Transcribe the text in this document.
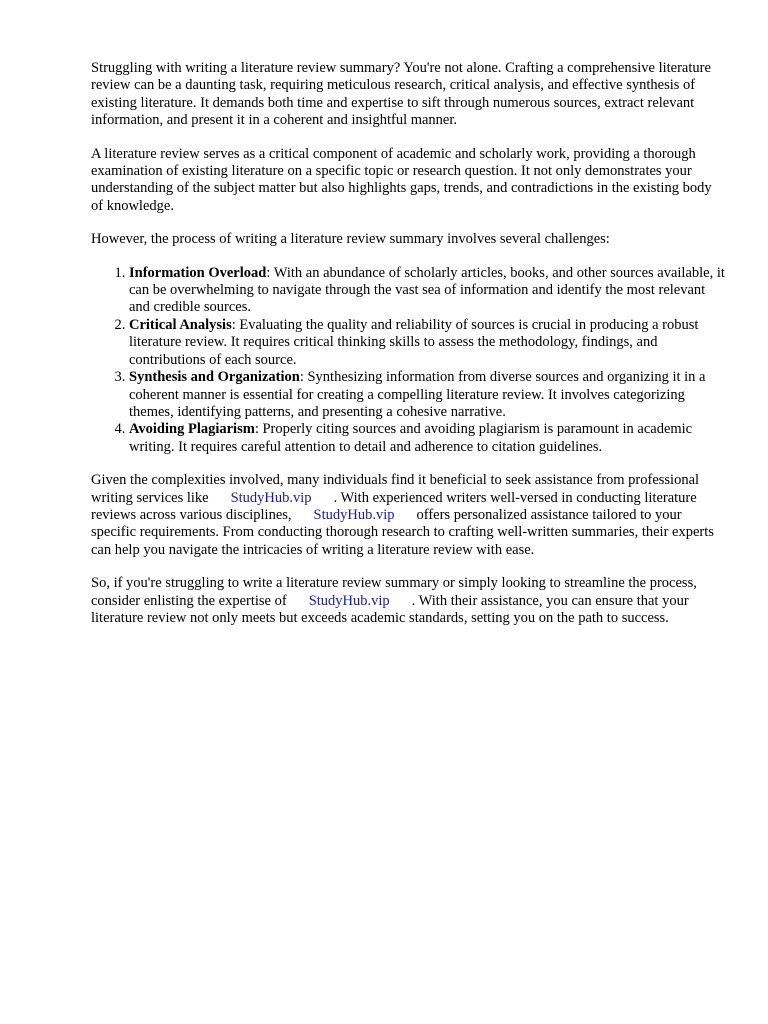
Struggling with writing a literature review summary? You're not alone. Crafting a comprehensive literature review can be a daunting task, requiring meticulous research, critical analysis, and effective synthesis of existing literature. It demands both time and expertise to sift through numerous sources, extract relevant information, and present it in a coherent and insightful manner.

A literature review serves as a critical component of academic and scholarly work, providing a thorough examination of existing literature on a specific topic or research question. It not only demonstrates your understanding of the subject matter but also highlights gaps, trends, and contradictions in the existing body of knowledge.

However, the process of writing a literature review summary involves several challenges:

1. Information Overload: With an abundance of scholarly articles, books, and other sources available, it can be overwhelming to navigate through the vast sea of information and identify the most relevant and credible sources.
2. Critical Analysis: Evaluating the quality and reliability of sources is crucial in producing a robust literature review. It requires critical thinking skills to assess the methodology, findings, and contributions of each source.
3. Synthesis and Organization: Synthesizing information from diverse sources and organizing it in a coherent manner is essential for creating a compelling literature review. It involves categorizing themes, identifying patterns, and presenting a cohesive narrative.
4. Avoiding Plagiarism: Properly citing sources and avoiding plagiarism is paramount in academic writing. It requires careful attention to detail and adherence to citation guidelines.

Given the complexities involved, many individuals find it beneficial to seek assistance from professional writing services like StudyHub.vip . With experienced writers well-versed in conducting literature reviews across various disciplines, StudyHub.vip offers personalized assistance tailored to your specific requirements. From conducting thorough research to crafting well-written summaries, their experts can help you navigate the intricacies of writing a literature review with ease.

So, if you're struggling to write a literature review summary or simply looking to streamline the process, consider enlisting the expertise of StudyHub.vip . With their assistance, you can ensure that your literature review not only meets but exceeds academic standards, setting you on the path to success.
